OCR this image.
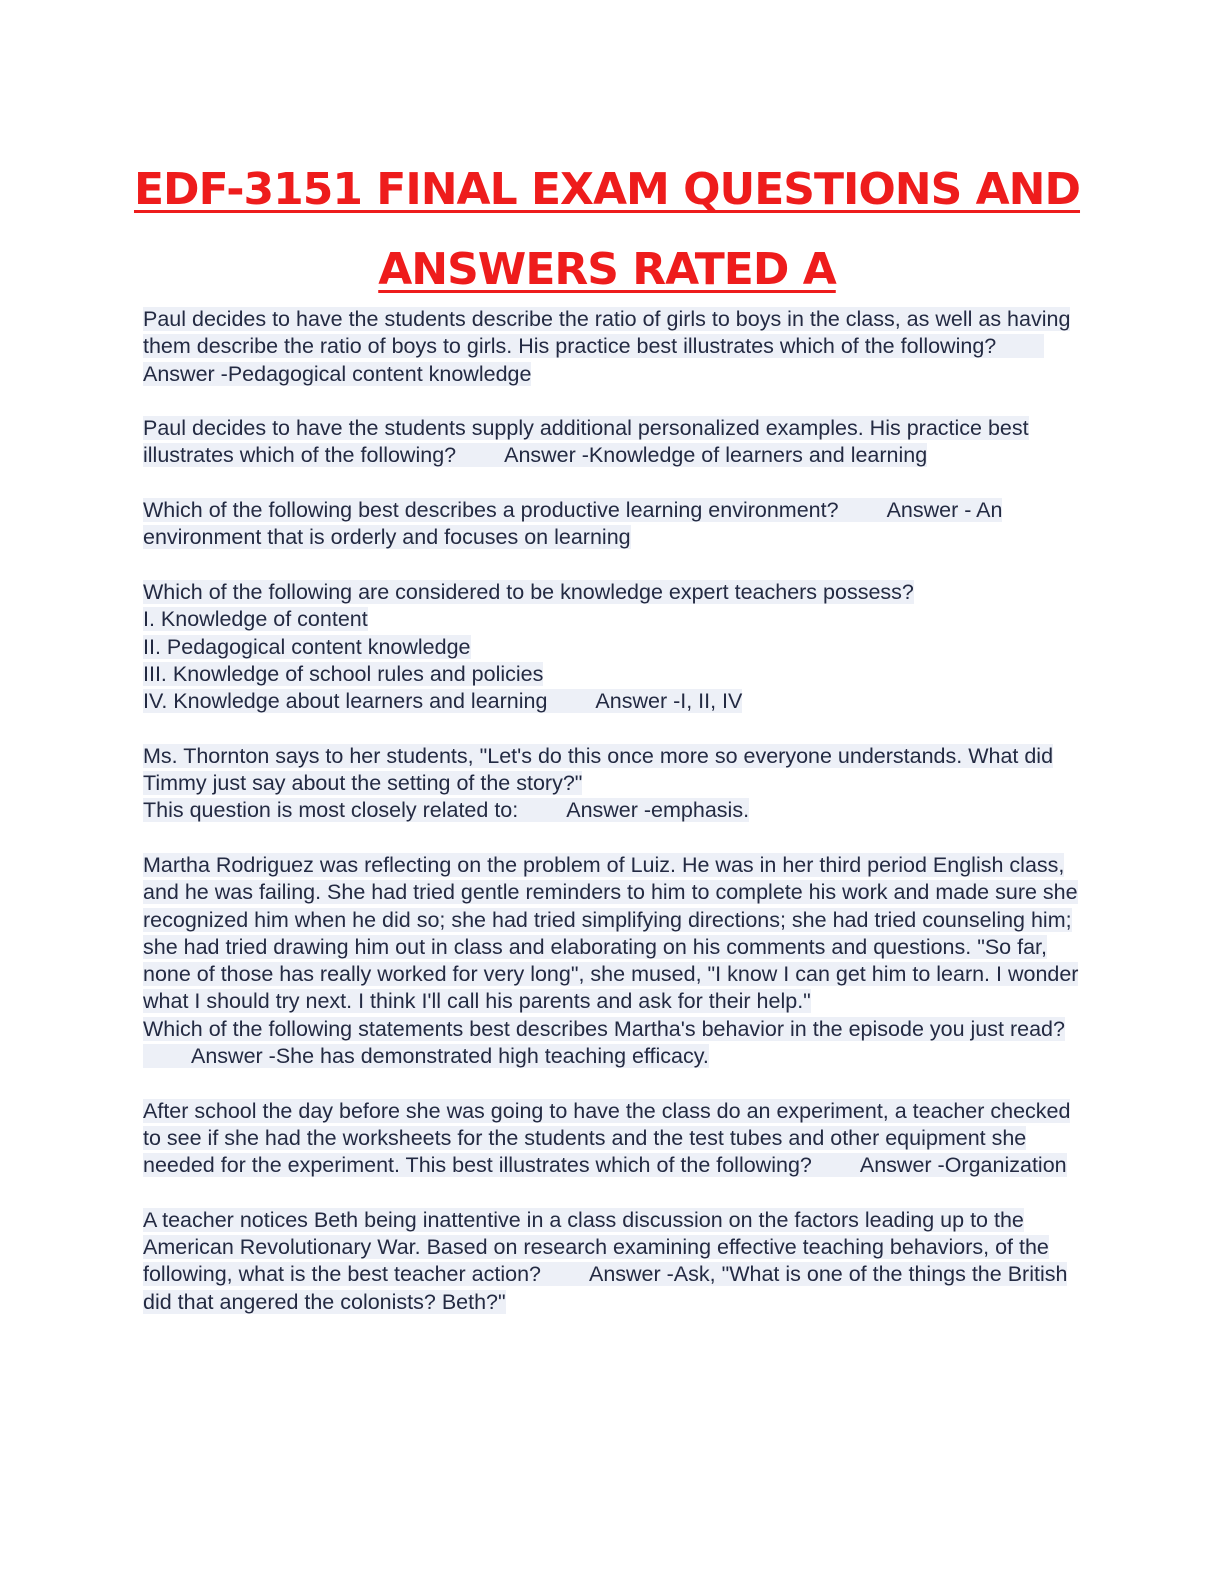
EDF-3151 FINAL EXAM QUESTIONS AND
ANSWERS RATED A
Paul decides to have the students describe the ratio of girls to boys in the class, as well as having them describe the ratio of boys to girls. His practice best illustrates which of the following?Answer -Pedagogical content knowledge
Paul decides to have the students supply additional personalized examples. His practice best illustrates which of the following? Answer -Knowledge of learners and learning
Which of the following best describes a productive learning environment? Answer - An environment that is orderly and focuses on learning
Which of the following are considered to be knowledge expert teachers possess?
I. Knowledge of content
II. Pedagogical content knowledge
III. Knowledge of school rules and policies
IV. Knowledge about learners and learning Answer -I, II, IV
Ms. Thornton says to her students, "Let's do this once more so everyone understands. What did Timmy just say about the setting of the story?"
This question is most closely related to: Answer -emphasis.
Martha Rodriguez was reflecting on the problem of Luiz. He was in her third period English class, and he was failing. She had tried gentle reminders to him to complete his work and made sure she recognized him when he did so; she had tried simplifying directions; she had tried counseling him; she had tried drawing him out in class and elaborating on his comments and questions. "So far, none of those has really worked for very long", she mused, "I know I can get him to learn. I wonder what I should try next. I think I'll call his parents and ask for their help."
Which of the following statements best describes Martha's behavior in the episode you just read?Answer -She has demonstrated high teaching efficacy.
After school the day before she was going to have the class do an experiment, a teacher checked to see if she had the worksheets for the students and the test tubes and other equipment she needed for the experiment. This best illustrates which of the following? Answer -Organization
A teacher notices Beth being inattentive in a class discussion on the factors leading up to the American Revolutionary War. Based on research examining effective teaching behaviors, of the following, what is the best teacher action? Answer -Ask, "What is one of the things the British did that angered the colonists? Beth?"
